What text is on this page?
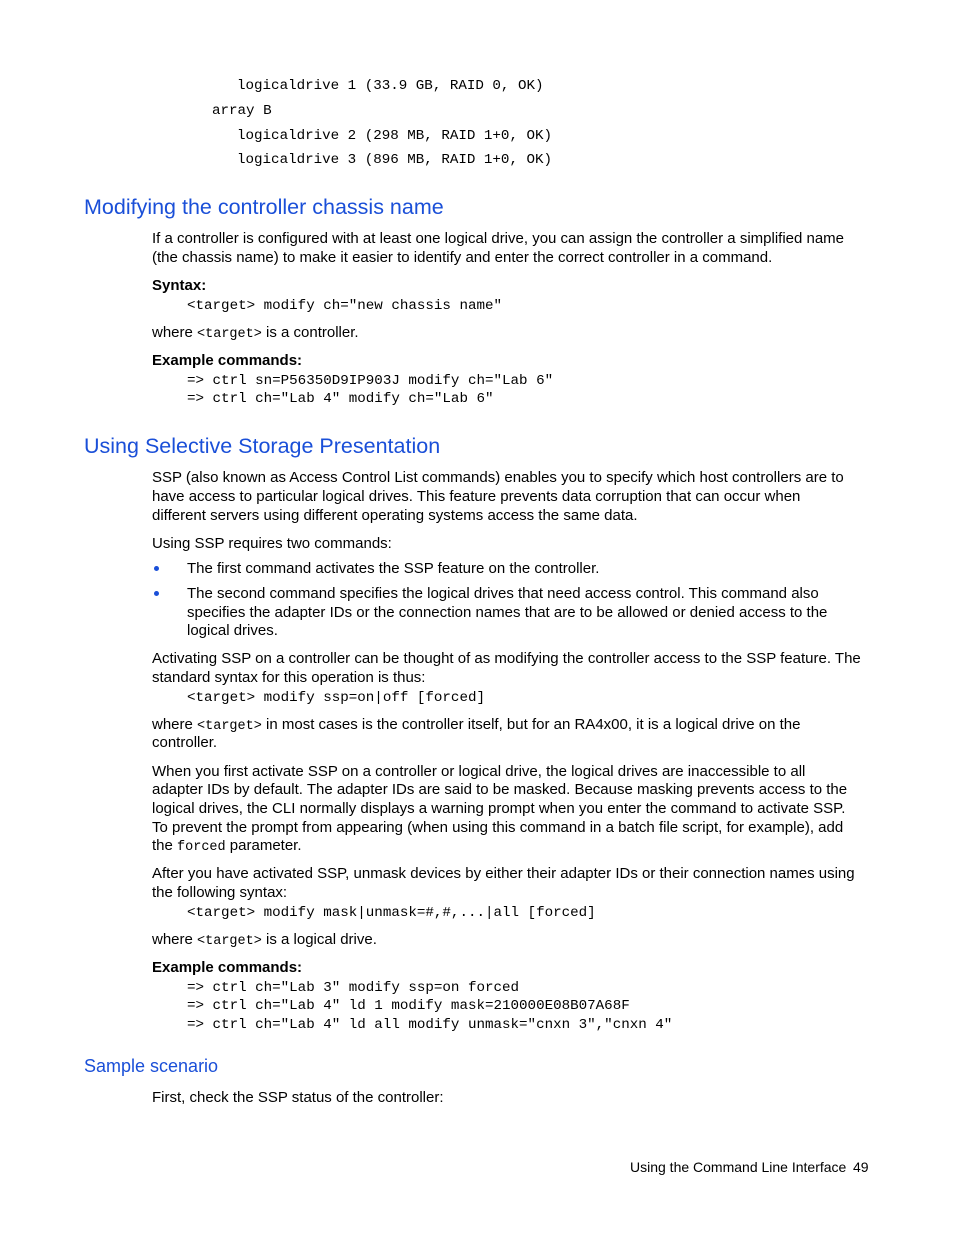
logicaldrive 1 (33.9 GB, RAID 0, OK)
array B
logicaldrive 2 (298 MB, RAID 1+0, OK)
logicaldrive 3 (896 MB, RAID 1+0, OK)
Modifying the controller chassis name
If a controller is configured with at least one logical drive, you can assign the controller a simplified name
(the chassis name) to make it easier to identify and enter the correct controller in a command.
Syntax:
<target> modify ch="new chassis name"
where <target> is a controller.
Example commands:
=> ctrl sn=P56350D9IP903J modify ch="Lab 6"
=> ctrl ch="Lab 4" modify ch="Lab 6"
Using Selective Storage Presentation
SSP (also known as Access Control List commands) enables you to specify which host controllers are to
have access to particular logical drives. This feature prevents data corruption that can occur when
different servers using different operating systems access the same data.
Using SSP requires two commands:
The first command activates the SSP feature on the controller.
The second command specifies the logical drives that need access control. This command also
specifies the adapter IDs or the connection names that are to be allowed or denied access to the
logical drives.
Activating SSP on a controller can be thought of as modifying the controller access to the SSP feature. The
standard syntax for this operation is thus:
<target> modify ssp=on|off [forced]
where <target> in most cases is the controller itself, but for an RA4x00, it is a logical drive on the
controller.
When you first activate SSP on a controller or logical drive, the logical drives are inaccessible to all
adapter IDs by default. The adapter IDs are said to be masked. Because masking prevents access to the
logical drives, the CLI normally displays a warning prompt when you enter the command to activate SSP.
To prevent the prompt from appearing (when using this command in a batch file script, for example), add
the forced parameter.
After you have activated SSP, unmask devices by either their adapter IDs or their connection names using
the following syntax:
<target> modify mask|unmask=#,#,...|all [forced]
where <target> is a logical drive.
Example commands:
=> ctrl ch="Lab 3" modify ssp=on forced
=> ctrl ch="Lab 4" ld 1 modify mask=210000E08B07A68F
=> ctrl ch="Lab 4" ld all modify unmask="cnxn 3","cnxn 4"
Sample scenario
First, check the SSP status of the controller:
Using the Command Line Interface 49
